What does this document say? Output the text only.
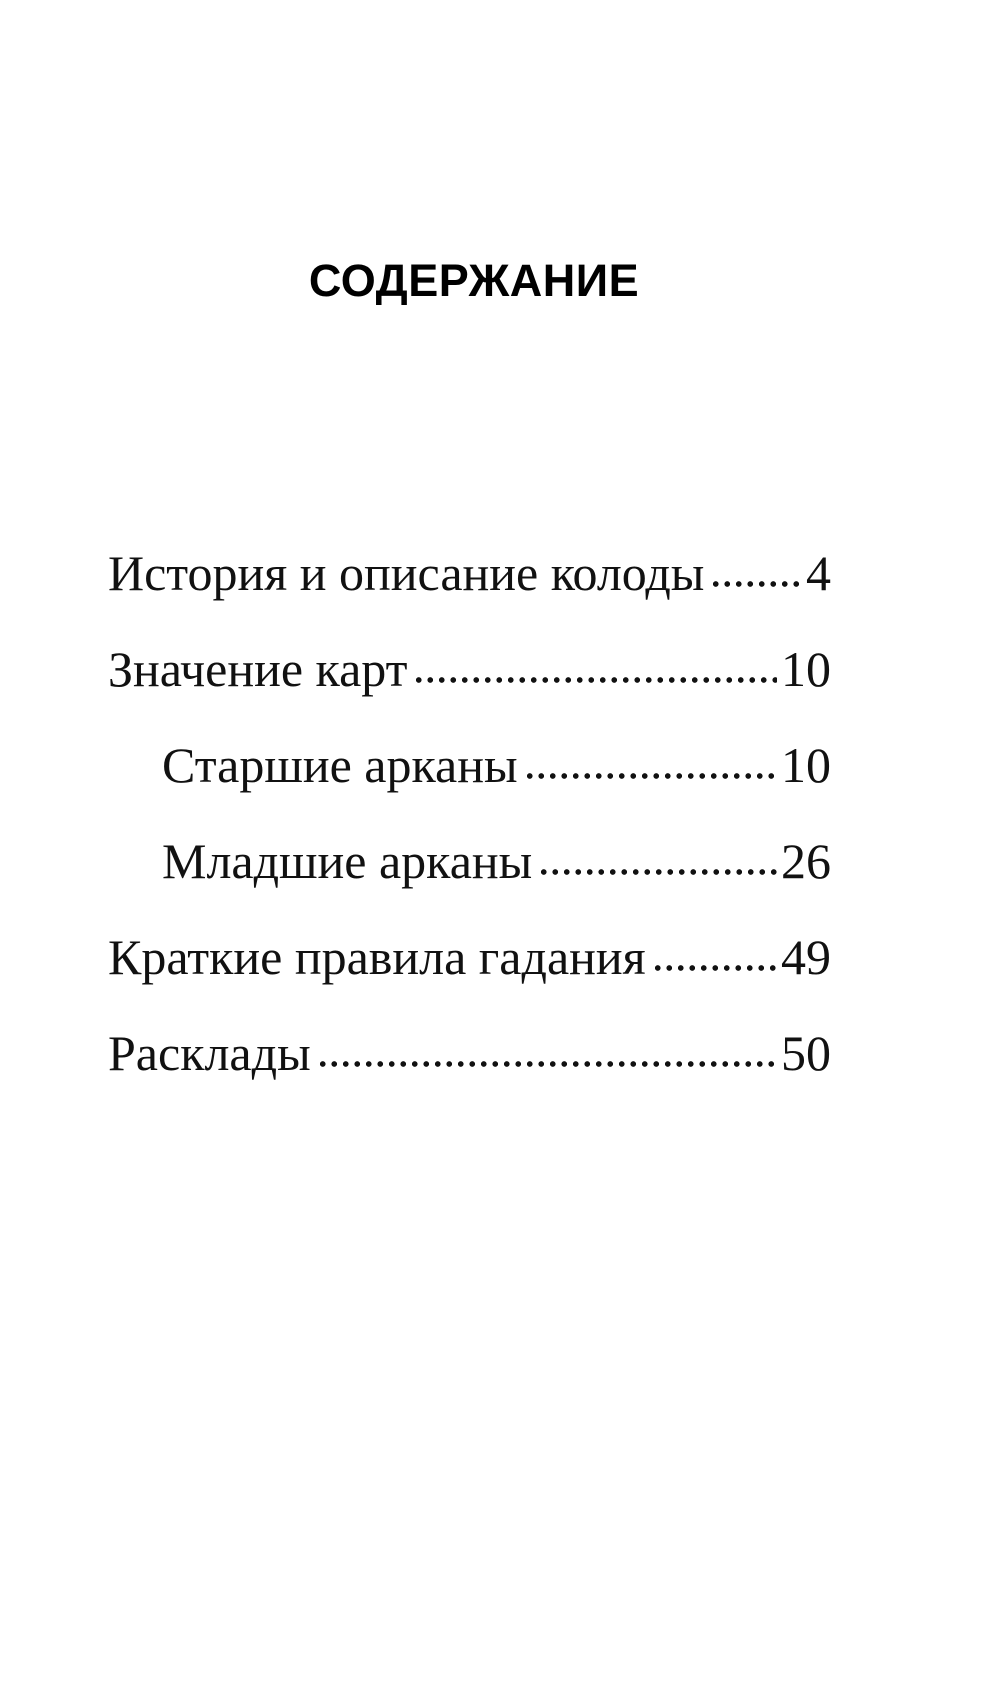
СОДЕРЖАНИЕ
История и описание колоды 4
Значение карт	10
Старшие арканы	10
Младшие арканы	26
Краткие правила гадания	49
Расклады	50
